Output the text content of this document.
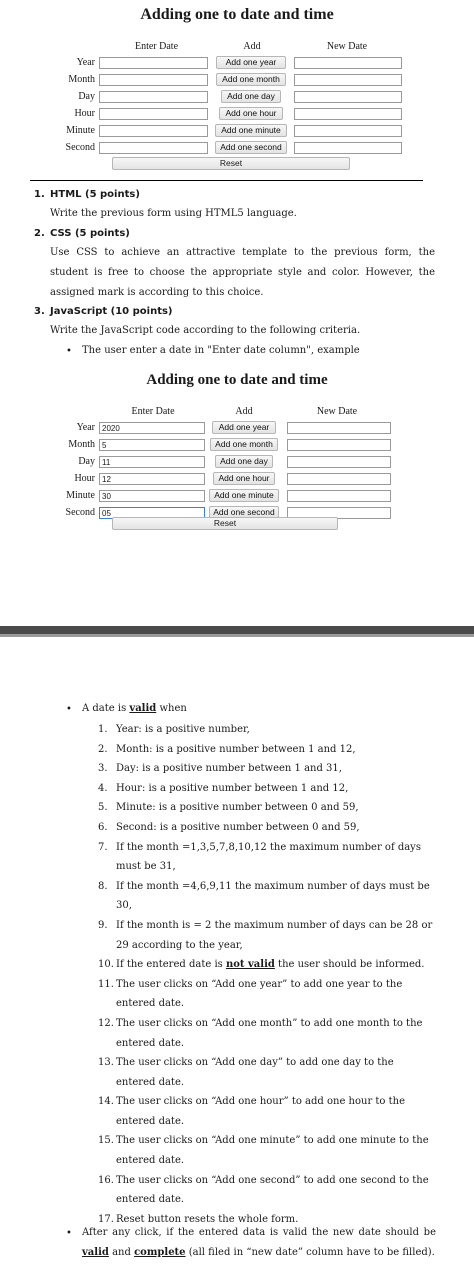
Adding one to date and time
	Enter Date	Add	New Date
Year		Add one year	

Month		Add one month	

Day		Add one day	

Hour		Add one hour	

Minute		Add one minute	

Second		Add one second	

Reset
1. HTML (5 points)
Write the previous form using HTML5 language.
2. CSS (5 points)
Use CSS to achieve an attractive template to the previous form, the student is free to choose the appropriate style and color. However, the assigned mark is according to this choice.
3. JavaScript (10 points)
Write the JavaScript code according to the following criteria.
• The user enter a date in "Enter date column", example
Adding one to date and time
	Enter Date	Add	New Date
Year	2020	Add one year	

Month	5	Add one month	

Day	11	Add one day	

Hour	12	Add one hour	

Minute	30	Add one minute	

Second	05	Add one second	

Reset
• A date is valid when
1. Year: is a positive number,
2. Month: is a positive number between 1 and 12,
3. Day: is a positive number between 1 and 31,
4. Hour: is a positive number between 1 and 12,
5. Minute: is a positive number between 0 and 59,
6. Second: is a positive number between 0 and 59,
7. If the month =1,3,5,7,8,10,12 the maximum number of days must be 31,
8. If the month =4,6,9,11 the maximum number of days must be 30,
9. If the month is = 2 the maximum number of days can be 28 or 29 according to the year,
10. If the entered date is not valid the user should be informed.
11. The user clicks on “Add one year” to add one year to the entered date.
12. The user clicks on “Add one month” to add one month to the entered date.
13. The user clicks on “Add one day” to add one day to the entered date.
14. The user clicks on “Add one hour” to add one hour to the entered date.
15. The user clicks on “Add one minute” to add one minute to the entered date.
16. The user clicks on “Add one second” to add one second to the entered date.
17. Reset button resets the whole form.
• After any click, if the entered data is valid the new date should be valid and complete (all filed in “new date” column have to be filled).
